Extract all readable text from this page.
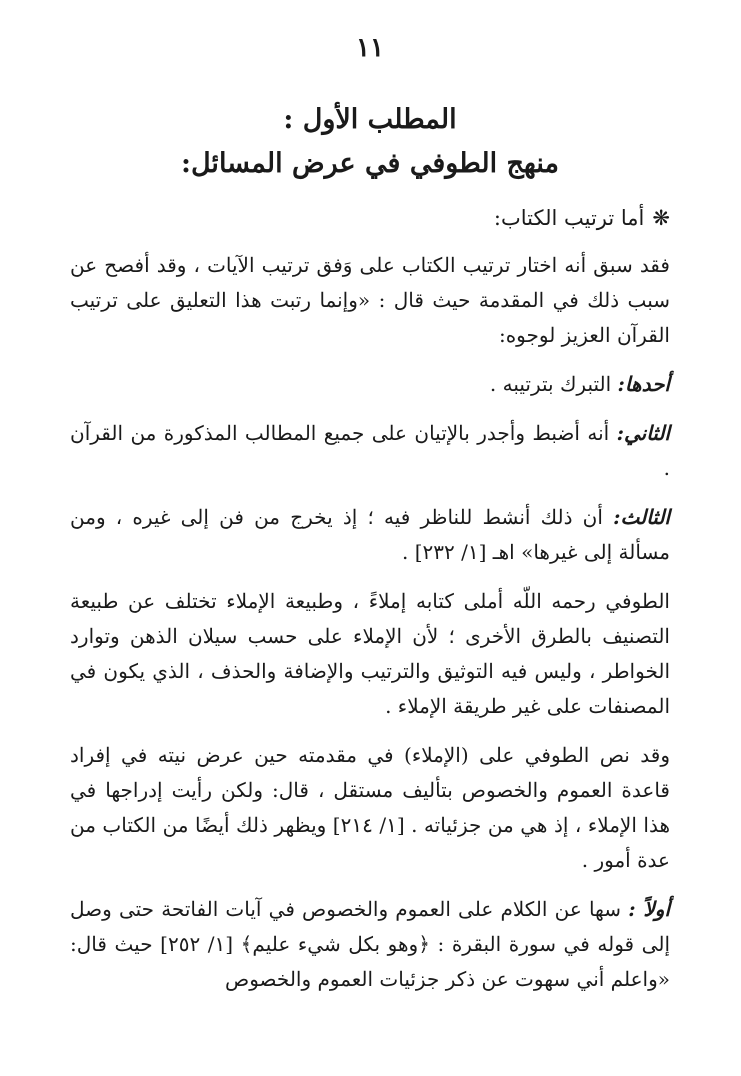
١١
المطلب الأول :
منهج الطوفي في عرض المسائل:
❋أما ترتيب الكتاب:

فقد سبق أنه اختار ترتيب الكتاب على وَفق ترتيب الآيات ، وقد أفصح عن سبب ذلك في المقدمة حيث قال : «وإنما رتبت هذا التعليق على ترتيب القرآن العزيز لوجوه:

أحدها: التبرك بترتيبه .

الثاني: أنه أضبط وأجدر بالإتيان على جميع المطالب المذكورة من القرآن .

الثالث: أن ذلك أنشط للناظر فيه ؛ إذ يخرج من فن إلى غيره ، ومن مسألة إلى غيرها» اهـ [١/ ٢٣٢] .

الطوفي رحمه اللّه أملى كتابه إملاءً ، وطبيعة الإملاء تختلف عن طبيعة التصنيف بالطرق الأخرى ؛ لأن الإملاء على حسب سيلان الذهن وتوارد الخواطر ، وليس فيه التوثيق والترتيب والإضافة والحذف ، الذي يكون في المصنفات على غير طريقة الإملاء .

وقد نص الطوفي على (الإملاء) في مقدمته حين عرض نيته في إفراد قاعدة العموم والخصوص بتأليف مستقل ، قال: ولكن رأيت إدراجها في هذا الإملاء ، إذ هي من جزئياته . [١/ ٢١٤] ويظهر ذلك أيضًا من الكتاب من عدة أمور .

أولاً : سها عن الكلام على العموم والخصوص في آيات الفاتحة حتى وصل إلى قوله في سورة البقرة : ﴿وهو بكل شيء عليم﴾ [١/ ٢٥٢] حيث قال: «واعلم أني سهوت عن ذكر جزئيات العموم والخصوص
